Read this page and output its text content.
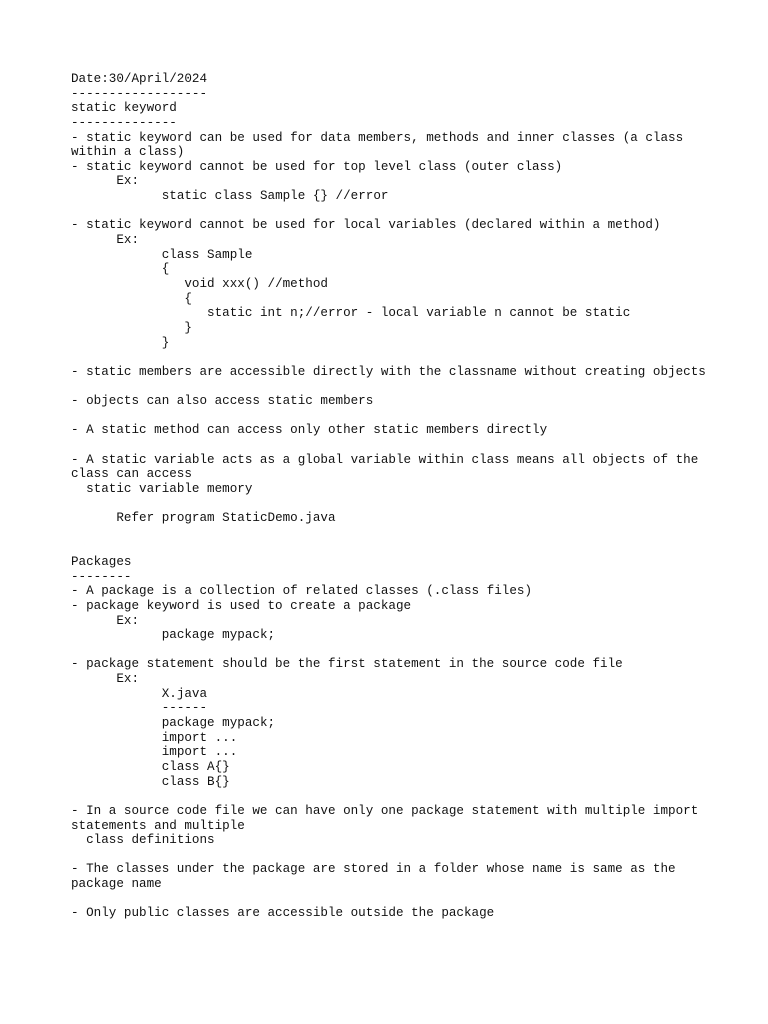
Date:30/April/2024
------------------
static keyword
--------------
- static keyword can be used for data members, methods and inner classes (a class within a class)
- static keyword cannot be used for top level class (outer class)
Ex:
static class Sample {} //error
- static keyword cannot be used for local variables (declared within a method)
Ex:
class Sample
{
void xxx() //method
{
static int n;//error - local variable n cannot be static
}
}
- static members are accessible directly with the classname without creating objects
- objects can also access static members
- A static method can access only other static members directly
- A static variable acts as a global variable within class means all objects of the class can access
static variable memory
Refer program StaticDemo.java
Packages
--------
- A package is a collection of related classes (.class files)
- package keyword is used to create a package
Ex:
package mypack;
- package statement should be the first statement in the source code file
Ex:
X.java
------
package mypack;
import ...
import ...
class A{}
class B{}
- In a source code file we can have only one package statement with multiple import statements and multiple
class definitions
- The classes under the package are stored in a folder whose name is same as the package name
- Only public classes are accessible outside the package
